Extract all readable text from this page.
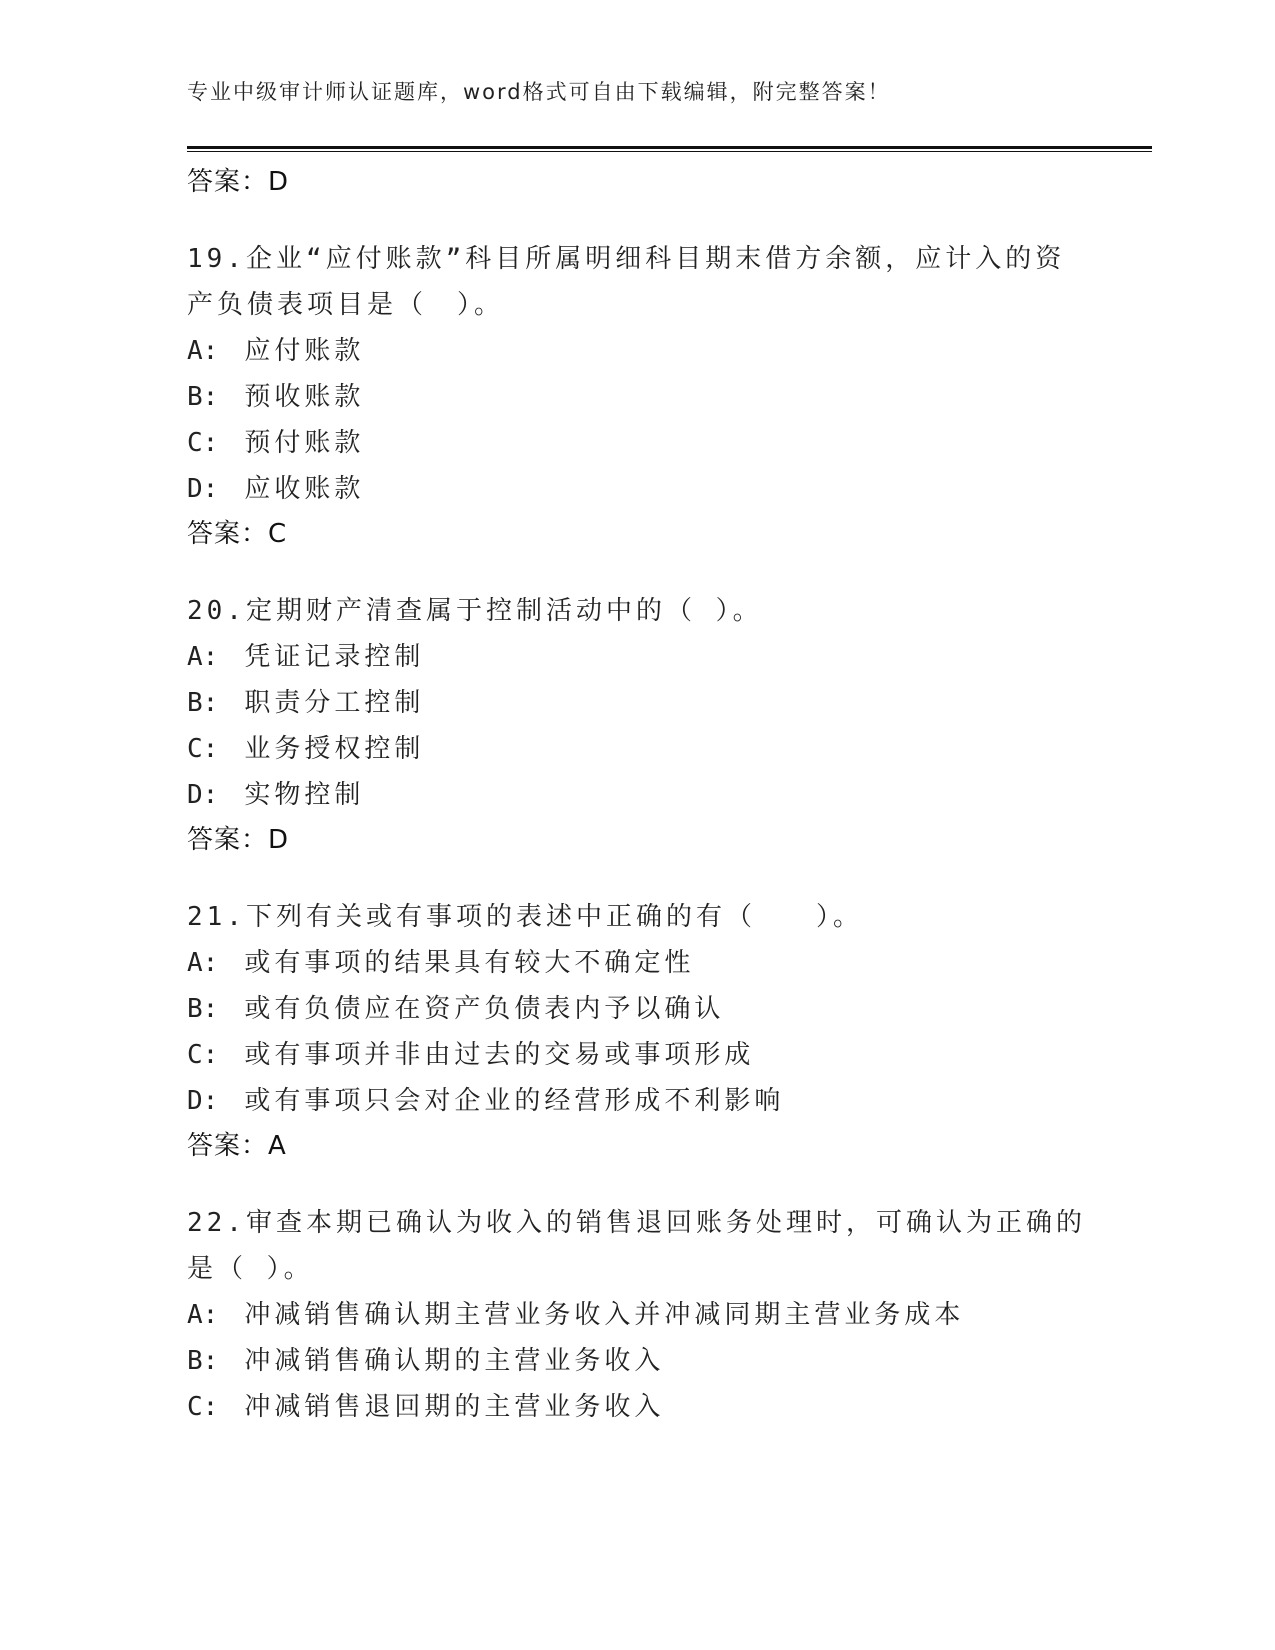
专业中级审计师认证题库，word格式可自由下载编辑，附完整答案！
答案：D
19.企业“应付账款”科目所属明细科目期末借方余额，应计入的资产负债表项目是（　）。
A: 应付账款
B: 预收账款
C: 预付账款
D: 应收账款
答案：C
20.定期财产清查属于控制活动中的（ ）。
A: 凭证记录控制
B: 职责分工控制
C: 业务授权控制
D: 实物控制
答案：D
21.下列有关或有事项的表述中正确的有（　　）。
A: 或有事项的结果具有较大不确定性
B: 或有负债应在资产负债表内予以确认
C: 或有事项并非由过去的交易或事项形成
D: 或有事项只会对企业的经营形成不利影响
答案：A
22.审查本期已确认为收入的销售退回账务处理时，可确认为正确的是（ ）。
A: 冲减销售确认期主营业务收入并冲减同期主营业务成本
B: 冲减销售确认期的主营业务收入
C: 冲减销售退回期的主营业务收入
